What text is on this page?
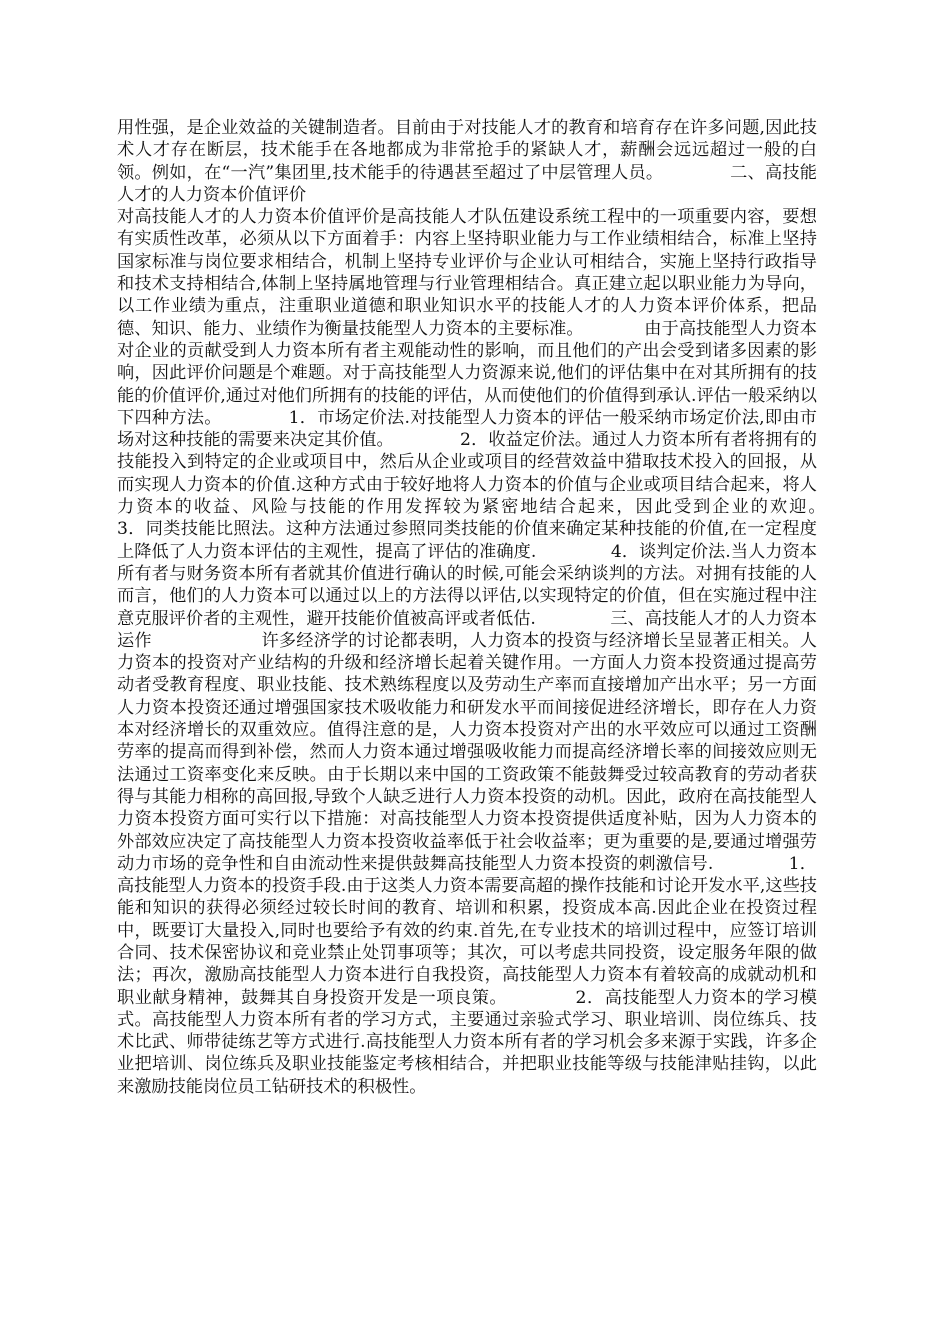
用性强，是企业效益的关键制造者。目前由于对技能人才的教育和培育存在许多问题,因此技术人才存在断层，技术能手在各地都成为非常抢手的紧缺人才，薪酬会远远超过一般的白领。例如，在“一汽”集团里,技术能手的待遇甚至超过了中层管理人员。　　　　 二、高技能人才的人力资本价值评价

对高技能人才的人力资本价值评价是高技能人才队伍建设系统工程中的一项重要内容，要想有实质性改革，必须从以下方面着手：内容上坚持职业能力与工作业绩相结合，标准上坚持国家标准与岗位要求相结合，机制上坚持专业评价与企业认可相结合，实施上坚持行政指导和技术支持相结合,体制上坚持属地管理与行业管理相结合。真正建立起以职业能力为导向，以工作业绩为重点，注重职业道德和职业知识水平的技能人才的人力资本评价体系，把品德、知识、能力、业绩作为衡量技能型人力资本的主要标准。　　　　由于高技能型人力资本对企业的贡献受到人力资本所有者主观能动性的影响，而且他们的产出会受到诸多因素的影响，因此评价问题是个难题。对于高技能型人力资源来说,他们的评估集中在对其所拥有的技能的价值评价,通过对他们所拥有的技能的评估，从而使他们的价值得到承认.评估一般采纳以下四种方法。　　　　 1．市场定价法.对技能型人力资本的评估一般采纳市场定价法,即由市场对这种技能的需要来决定其价值。　　　　 2．收益定价法。通过人力资本所有者将拥有的技能投入到特定的企业或项目中，然后从企业或项目的经营效益中猎取技术投入的回报，从而实现人力资本的价值.这种方式由于较好地将人力资本的价值与企业或项目结合起来，将人力资本的收益、风险与技能的作用发挥较为紧密地结合起来，因此受到企业的欢迎。　　　　 3．同类技能比照法。这种方法通过参照同类技能的价值来确定某种技能的价值,在一定程度上降低了人力资本评估的主观性，提高了评估的准确度.　　　　 4．谈判定价法.当人力资本所有者与财务资本所有者就其价值进行确认的时候,可能会采纳谈判的方法。对拥有技能的人而言，他们的人力资本可以通过以上的方法得以评估,以实现特定的价值，但在实施过程中注意克服评价者的主观性，避开技能价值被高评或者低估.　　　　 三、高技能人才的人力资本运作　　　　　　 许多经济学的讨论都表明，人力资本的投资与经济增长呈显著正相关。人力资本的投资对产业结构的升级和经济增长起着关键作用。一方面人力资本投资通过提高劳动者受教育程度、职业技能、技术熟练程度以及劳动生产率而直接增加产出水平；另一方面人力资本投资还通过增强国家技术吸收能力和研发水平而间接促进经济增长，即存在人力资本对经济增长的双重效应。值得注意的是，人力资本投资对产出的水平效应可以通过工资酬劳率的提高而得到补偿，然而人力资本通过增强吸收能力而提高经济增长率的间接效应则无法通过工资率变化来反映。由于长期以来中国的工资政策不能鼓舞受过较高教育的劳动者获得与其能力相称的高回报,导致个人缺乏进行人力资本投资的动机。因此，政府在高技能型人力资本投资方面可实行以下措施：对高技能型人力资本投资提供适度补贴，因为人力资本的外部效应决定了高技能型人力资本投资收益率低于社会收益率；更为重要的是,要通过增强劳动力市场的竞争性和自由流动性来提供鼓舞高技能型人力资本投资的刺激信号.　　　　 1．高技能型人力资本的投资手段.由于这类人力资本需要高超的操作技能和讨论开发水平,这些技能和知识的获得必须经过较长时间的教育、培训和积累，投资成本高.因此企业在投资过程中，既要订大量投入,同时也要给予有效的约束.首先,在专业技术的培训过程中，应签订培训合同、技术保密协议和竞业禁止处罚事项等；其次，可以考虑共同投资，设定服务年限的做法；再次，激励高技能型人力资本进行自我投资，高技能型人力资本有着较高的成就动机和职业献身精神，鼓舞其自身投资开发是一项良策。　　　　 2．高技能型人力资本的学习模式。高技能型人力资本所有者的学习方式，主要通过亲验式学习、职业培训、岗位练兵、技术比武、师带徒练艺等方式进行.高技能型人力资本所有者的学习机会多来源于实践，许多企业把培训、岗位练兵及职业技能鉴定考核相结合，并把职业技能等级与技能津贴挂钩，以此来激励技能岗位员工钻研技术的积极性。
